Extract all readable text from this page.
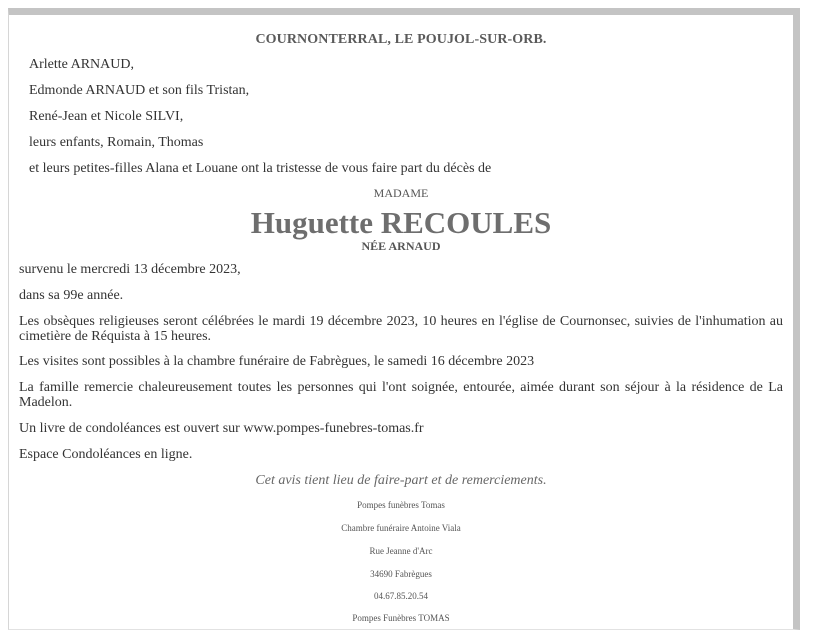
COURNONTERRAL, LE POUJOL-SUR-ORB.
Arlette ARNAUD,
Edmonde ARNAUD et son fils Tristan,
René-Jean et Nicole SILVI,
leurs enfants, Romain, Thomas
et leurs petites-filles Alana et Louane ont la tristesse de vous faire part du décès de
MADAME
Huguette RECOULES
NÉE ARNAUD
survenu le mercredi 13 décembre 2023,
dans sa 99e année.
Les obsèques religieuses seront célébrées le mardi 19 décembre 2023, 10 heures en l'église de Cournonsec, suivies de l'inhumation au cimetière de Réquista à 15 heures.
Les visites sont possibles à la chambre funéraire de Fabrègues, le samedi 16 décembre 2023
La famille remercie chaleureusement toutes les personnes qui l'ont soignée, entourée, aimée durant son séjour à la résidence de La Madelon.
Un livre de condoléances est ouvert sur www.pompes-funebres-tomas.fr
Espace Condoléances en ligne.
Cet avis tient lieu de faire-part et de remerciements.
Pompes funèbres Tomas
Chambre funéraire Antoine Viala
Rue Jeanne d'Arc
34690 Fabrègues
04.67.85.20.54
Pompes Funèbres TOMAS
